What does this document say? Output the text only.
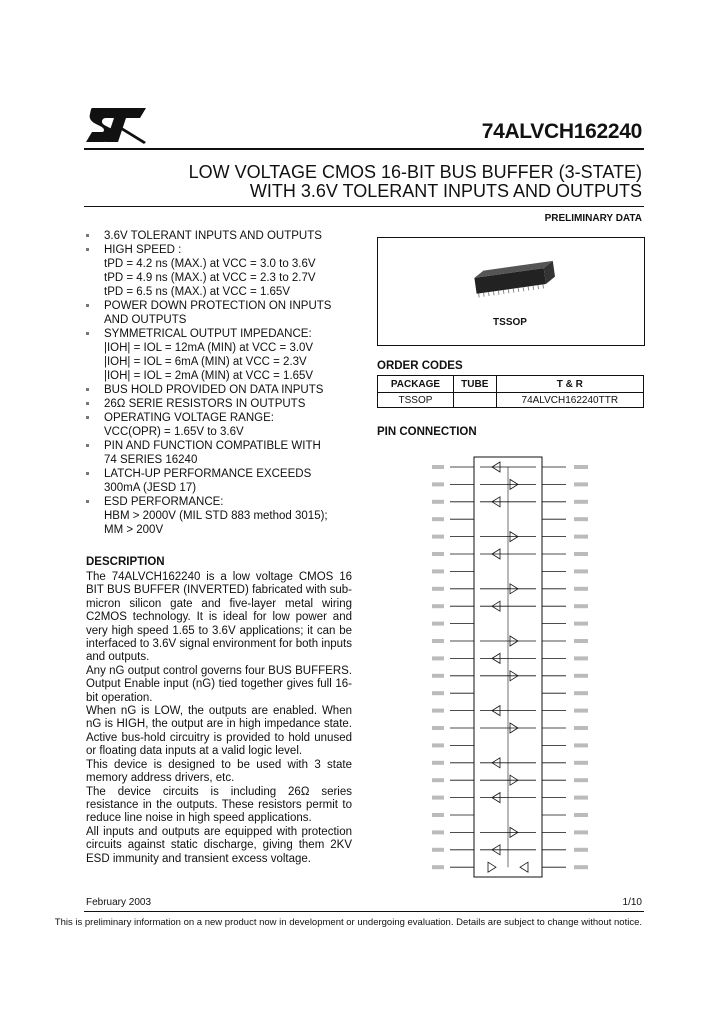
74ALVCH162240
LOW VOLTAGE CMOS 16-BIT BUS BUFFER (3-STATE)
WITH 3.6V TOLERANT INPUTS AND OUTPUTS
PRELIMINARY DATA
3.6V TOLERANT INPUTS AND OUTPUTS
HIGH SPEED :
tPD = 4.2 ns (MAX.) at VCC = 3.0 to 3.6V
tPD = 4.9 ns (MAX.) at VCC = 2.3 to 2.7V
tPD = 6.5 ns (MAX.) at VCC = 1.65V
POWER DOWN PROTECTION ON INPUTS
AND OUTPUTS
SYMMETRICAL OUTPUT IMPEDANCE:
|IOH| = IOL = 12mA (MIN) at VCC = 3.0V
|IOH| = IOL = 6mA (MIN) at VCC = 2.3V
|IOH| = IOL = 2mA (MIN) at VCC = 1.65V
BUS HOLD PROVIDED ON DATA INPUTS
26Ω SERIE RESISTORS IN OUTPUTS
OPERATING VOLTAGE RANGE:
VCC(OPR) = 1.65V to 3.6V
PIN AND FUNCTION COMPATIBLE WITH
74 SERIES 16240
LATCH-UP PERFORMANCE EXCEEDS
300mA (JESD 17)
ESD PERFORMANCE:
HBM > 2000V (MIL STD 883 method 3015);
MM > 200V
DESCRIPTION

The 74ALVCH162240 is a low voltage CMOS 16 BIT BUS BUFFER (INVERTED) fabricated with sub-micron silicon gate and five-layer metal wiring C2MOS technology. It is ideal for low power and very high speed 1.65 to 3.6V applications; it can be interfaced to 3.6V signal environment for both inputs and outputs.

Any nG output control governs four BUS BUFFERS. Output Enable input (nG) tied together gives full 16-bit operation.

When nG is LOW, the outputs are enabled. When nG is HIGH, the output are in high impedance state. Active bus-hold circuitry is provided to hold unused or floating data inputs at a valid logic level.

This device is designed to be used with 3 state memory address drivers, etc.

The device circuits is including 26Ω series resistance in the outputs. These resistors permit to reduce line noise in high speed applications.

All inputs and outputs are equipped with protection circuits against static discharge, giving them 2KV ESD immunity and transient excess voltage.

TSSOP
ORDER CODES
PACKAGE	TUBE	T & R
TSSOP		74ALVCH162240TTR
PIN CONNECTION
February 2003	1/10
This is preliminary information on a new product now in development or undergoing evaluation. Details are subject to change without notice.
